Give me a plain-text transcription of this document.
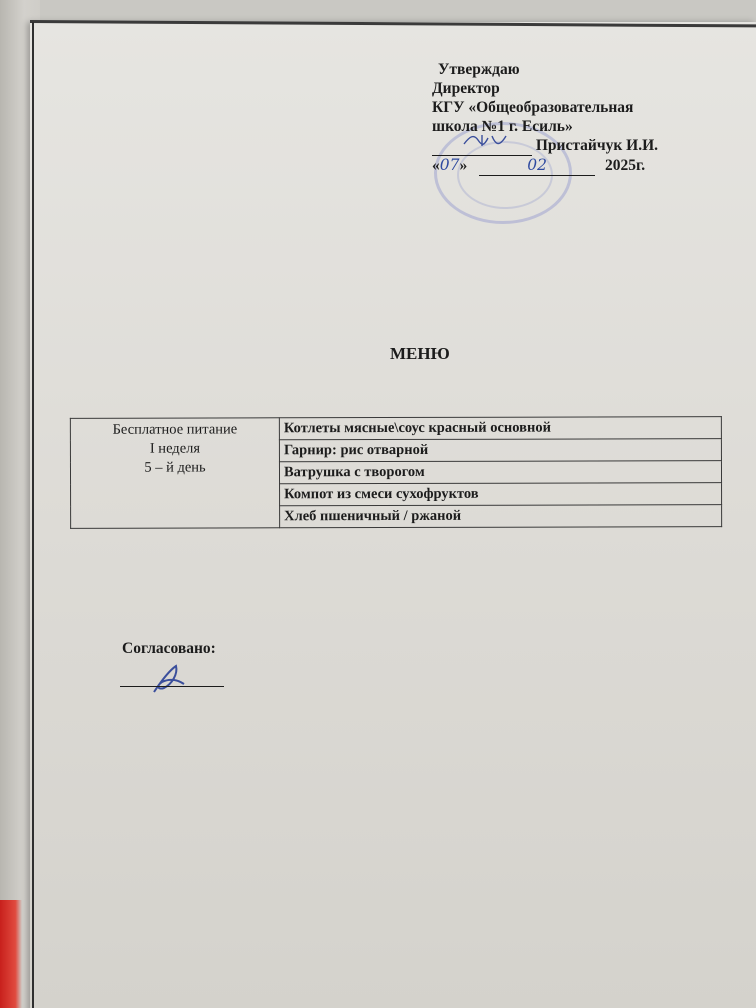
Утверждаю
Директор
КГУ «Общеобразовательная
школа №1 г. Есиль»
Пристайчук И.И.
«07»	02	2025г.
МЕНЮ
Бесплатное питание
I неделя
5 – й день
	Котлеты мясные\соус красный основной
Гарнир: рис отварной
Ватрушка с творогом
Компот из смеси сухофруктов
Хлеб пшеничный / ржаной
Согласовано:
